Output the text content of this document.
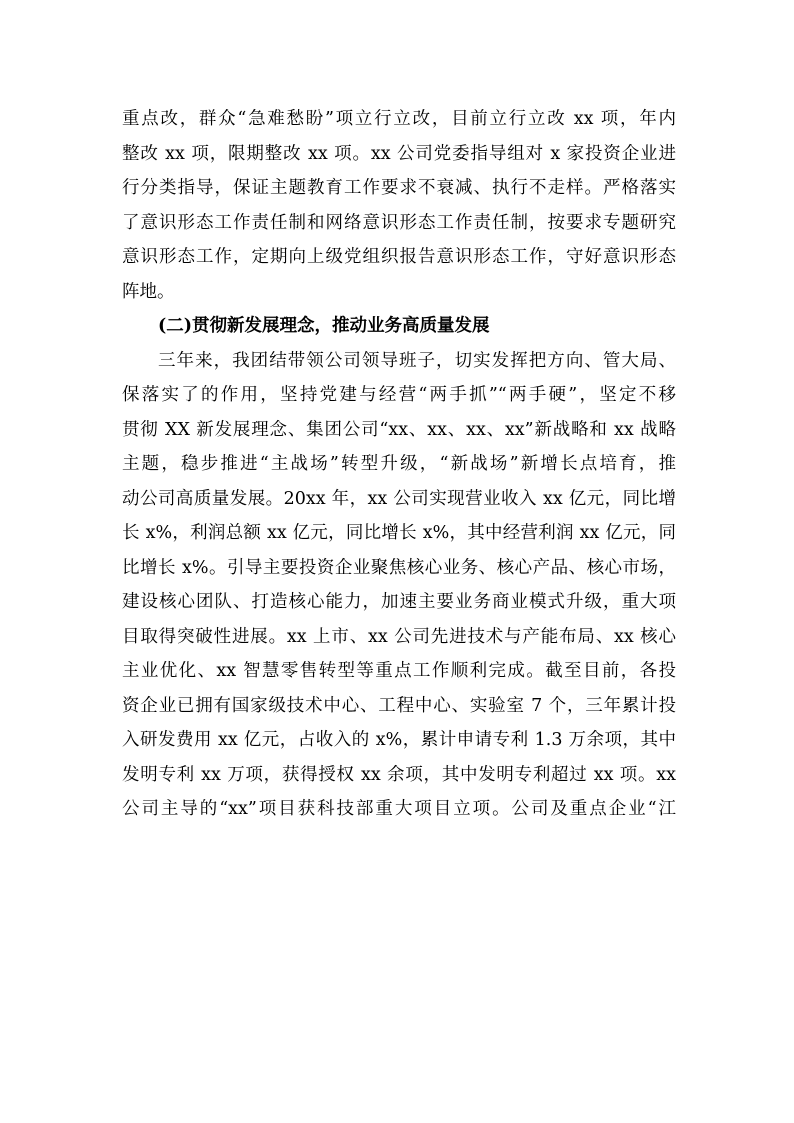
重点改，群众“急难愁盼”项立行立改，目前立行立改 xx 项，年内
整改 xx 项，限期整改 xx 项。xx 公司党委指导组对 x 家投资企业进
行分类指导，保证主题教育工作要求不衰减、执行不走样。严格落实
了意识形态工作责任制和网络意识形态工作责任制，按要求专题研究
意识形态工作，定期向上级党组织报告意识形态工作，守好意识形态
阵地。
(二)贯彻新发展理念，推动业务高质量发展
三年来，我团结带领公司领导班子，切实发挥把方向、管大局、
保落实了的作用，坚持党建与经营“两手抓”“两手硬”，坚定不移
贯彻 XX 新发展理念、集团公司“xx、xx、xx、xx”新战略和 xx 战略
主题，稳步推进“主战场”转型升级，“新战场”新增长点培育，推
动公司高质量发展。20xx 年，xx 公司实现营业收入 xx 亿元，同比增
长 x%，利润总额 xx 亿元，同比增长 x%，其中经营利润 xx 亿元，同
比增长 x%。引导主要投资企业聚焦核心业务、核心产品、核心市场，
建设核心团队、打造核心能力，加速主要业务商业模式升级，重大项
目取得突破性进展。xx 上市、xx 公司先进技术与产能布局、xx 核心
主业优化、xx 智慧零售转型等重点工作顺利完成。截至目前，各投
资企业已拥有国家级技术中心、工程中心、实验室 7 个，三年累计投
入研发费用 xx 亿元，占收入的 x%，累计申请专利 1.3 万余项，其中
发明专利 xx 万项，获得授权 xx 余项，其中发明专利超过 xx 项。xx
公司主导的“xx”项目获科技部重大项目立项。公司及重点企业“江
